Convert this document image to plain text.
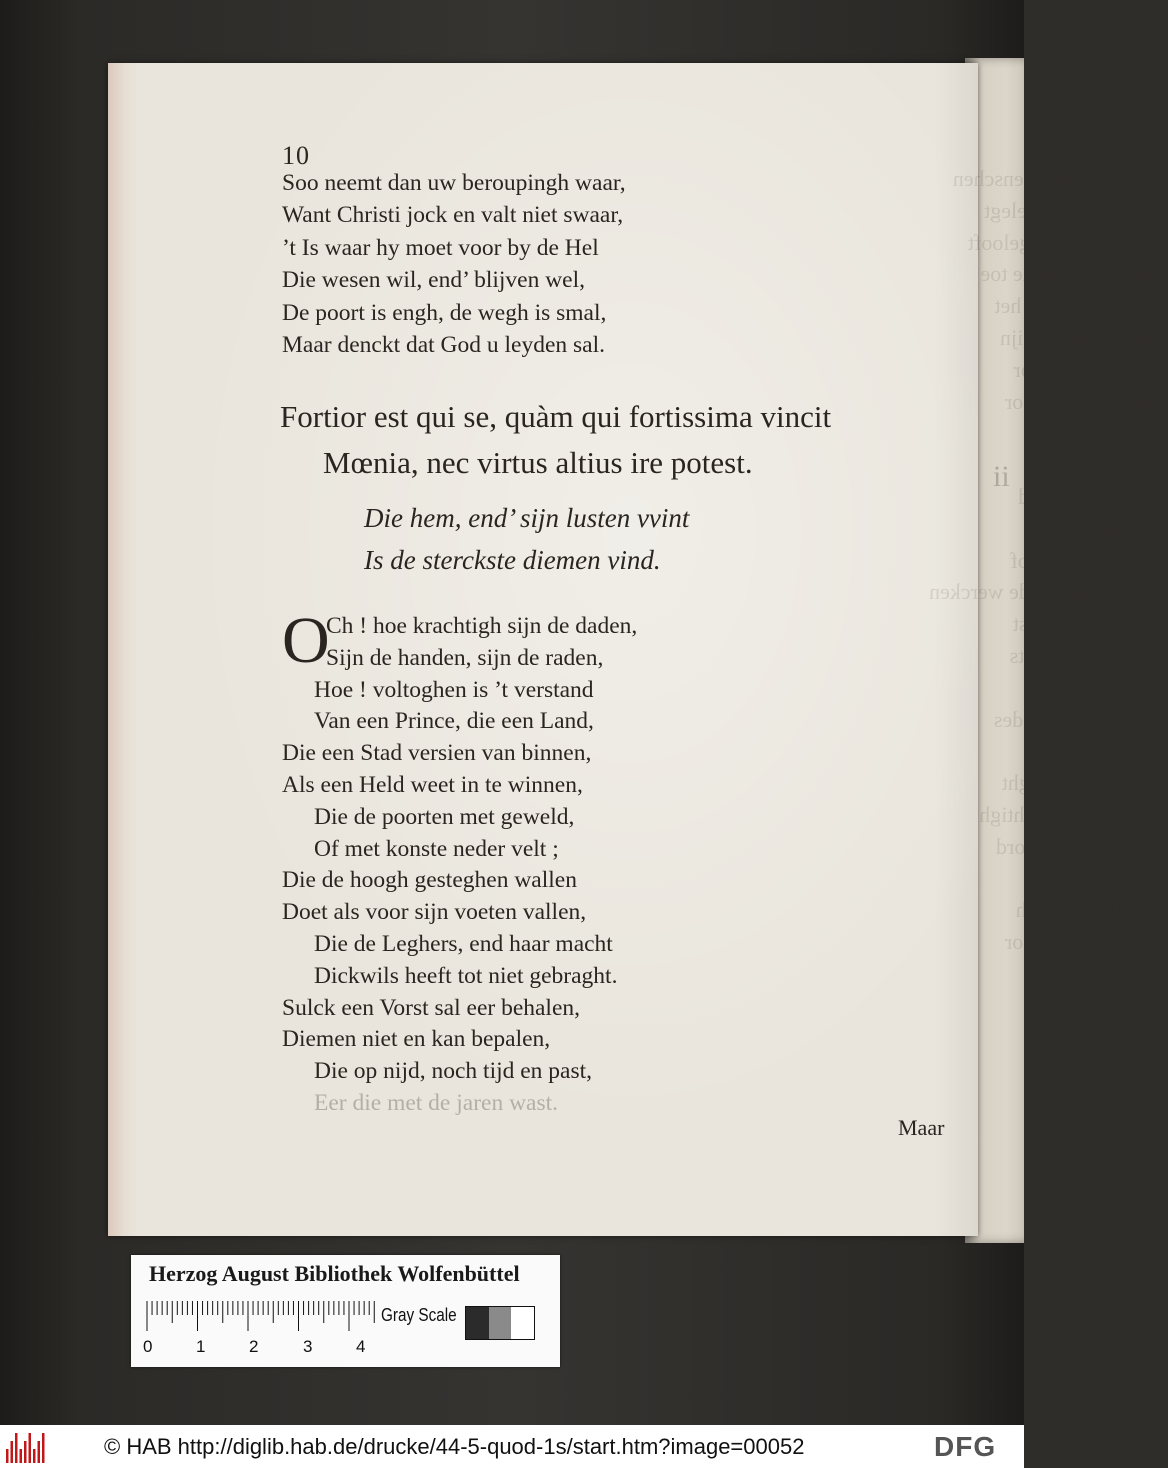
ii
Wat helpt den menschen
Dat God hem toelegt
Indien hy't niet gelooft
Hem dees genade toe
Of soo hy hinde het
Hem weder tot sijn
Niet dat ghy door
Maer dat ghy door
Want God wil
Sijn gaven
Dat wy tot spoed
End dat wy
Doch dick Geloof
Dat stadigh goede wercken
Dat uwen sin-lust
Dat ghy nu voorts
De tochten van
Maar lever naar des
Nu die Geloof
Wordt verkondight
God tredt u krachtigh
Dat ghy sijn Woord
Daarom uw hert
Dewijl hy u noch
Die heden nu voor
Niet langher als
Daar en is noch
Die ons hier
Naar 't leven dat
Een yder sijn
800
10
Soo neemt dan uw beroupingh waar,
Want Christi jock en valt niet swaar,
’t Is waar hy moet voor by de Hel
Die wesen wil, end’ blijven wel,
De poort is engh, de wegh is smal,
Maar denckt dat God u leyden sal.
Fortior est qui se, quàm qui fortissima vincit
Mœnia, nec virtus altius ire potest.
Die hem, end’ sijn lusten vvint
Is de sterckste diemen vind.
O
Ch ! hoe krachtigh sijn de daden,
Sijn de handen, sijn de raden,
Hoe ! voltoghen is ’t verstand
Van een Prince, die een Land,
Die een Stad versien van binnen,
Als een Held weet in te winnen,
Die de poorten met geweld,
Of met konste neder velt ;
Die de hoogh gesteghen wallen
Doet als voor sijn voeten vallen,
Die de Leghers, end haar macht
Dickwils heeft tot niet gebraght.
Sulck een Vorst sal eer behalen,
Diemen niet en kan bepalen,
Die op nijd, noch tijd en past,
Eer die met de jaren wast.
Maar
Herzog August Bibliothek Wolfenbüttel
0	1	2	3	4
Gray Scale
© HAB http://diglib.hab.de/drucke/44-5-quod-1s/start.htm?image=00052	DFG
